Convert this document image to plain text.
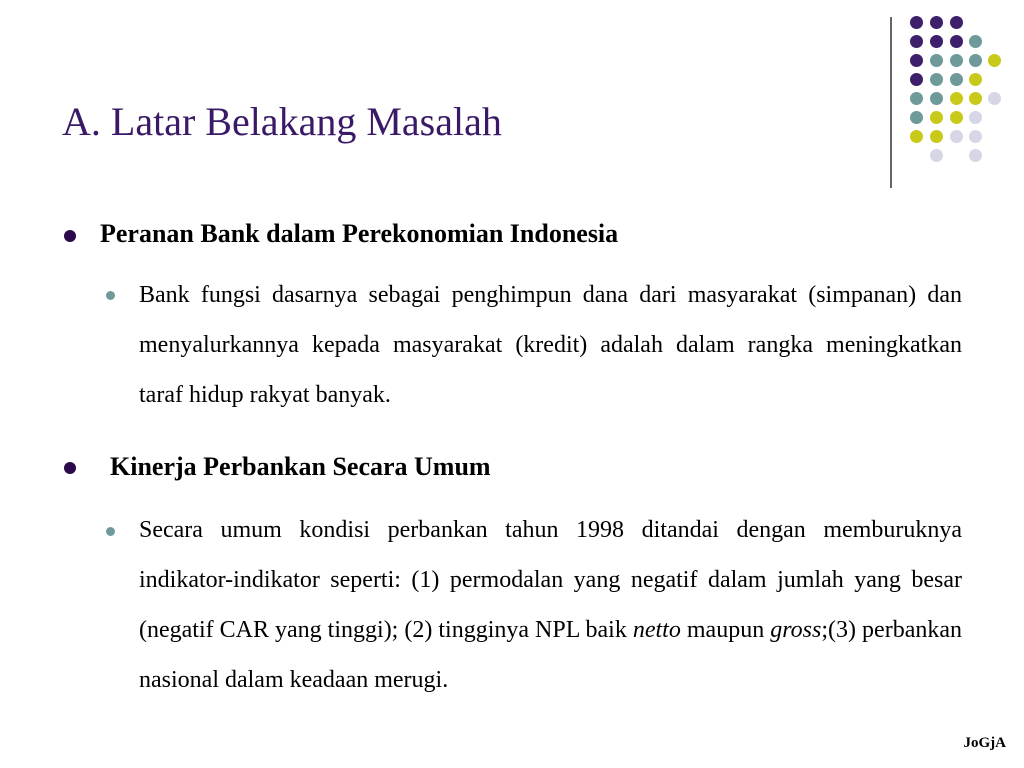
A. Latar Belakang Masalah
Peranan Bank dalam Perekonomian Indonesia
Bank fungsi dasarnya sebagai penghimpun dana dari masyarakat (simpanan) dan menyalurkannya kepada masyarakat (kredit) adalah dalam rangka meningkatkan taraf hidup rakyat banyak.
Kinerja Perbankan Secara Umum
Secara umum kondisi perbankan tahun 1998 ditandai dengan memburuknya indikator-indikator seperti: (1) permodalan yang negatif dalam jumlah yang besar (negatif CAR yang tinggi); (2) tingginya NPL baik netto maupun gross;(3) perbankan nasional dalam keadaan merugi.
JoGjA
